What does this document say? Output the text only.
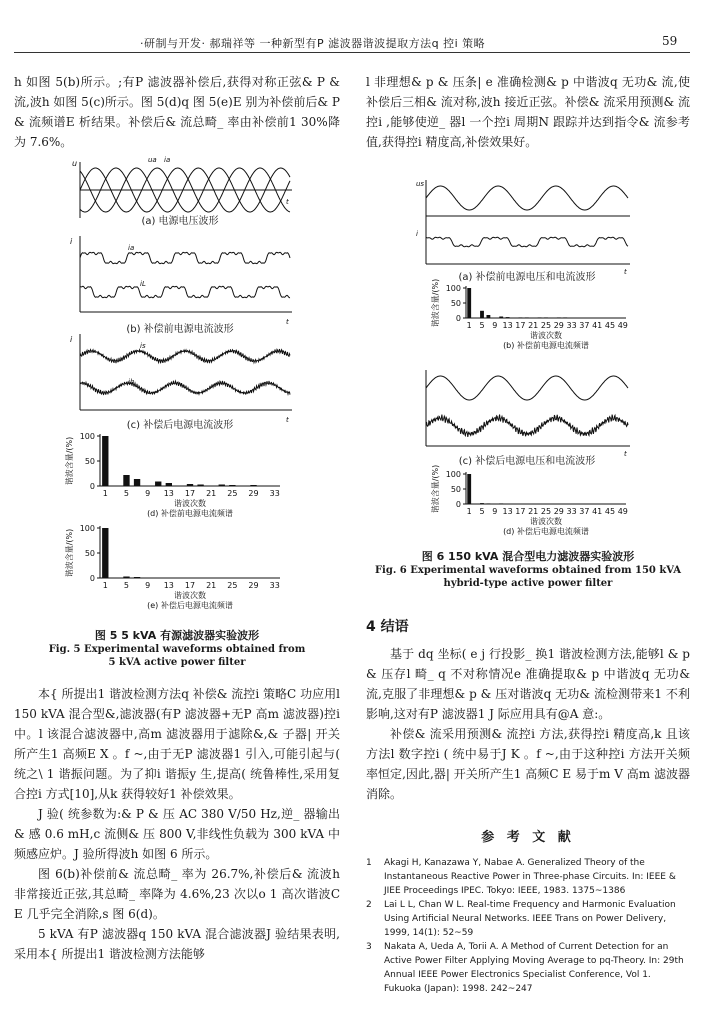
·研制与开发· 郝瑞祥等 一种新型有P 滤波器谐波提取方法q 控i 策略	59

h 如图 5(b)所示。;有P 滤波器补偿后,获得对称正弦& P & 流,波h 如图 5(c)所示。图 5(d)q 图 5(e)E 别为补偿前后& P & 流频谱E 析结果。补偿后& 流总畸_ 率由补偿前1 30%降为 7.6%。

u	ua ia
t
i
ia
iL
t
i
is
ib
t
(a) 电源电压波形
(b) 补偿前电源电流波形
(c) 补偿后电源电流波形
0
50
100
1 5 9 13 17 21 25 29 33
谐波次数
(d) 补偿前电源电流频谱
谐波含量/(%)
0
50
100
1 5 9 13 17 21 25 29 33
谐波次数
(e) 补偿后电源电流频谱
谐波含量/(%)
图 5 5 kVA 有源滤波器实验波形
Fig. 5 Experimental waveforms obtained from
5 kVA active power filter

本{ 所提出1 谐波检测方法q 补偿& 流控i 策略C 功应用l 150 kVA 混合型&,滤波器(有P 滤波器+无P 高m 滤波器)控i 中。l 该混合滤波器中,高m 滤波器用于滤除&,& 子器| 开关所产生1 高频E X 。f ~,由于无P 滤波器1 引入,可能引起与( 统之\ 1 谐振问题。为了抑i 谐振y 生,提高( 统鲁棒性,采用复合控i 方式[10],从k 获得较好1 补偿效果。

J 验( 统参数为:& P & 压 AC 380 V/50 Hz,逆_ 器输出& 感 0.6 mH,c 流侧& 压 800 V,非线性负载为 300 kVA 中频感应炉。J 验所得波h 如图 6 所示。

图 6(b)补偿前& 流总畸_ 率为 26.7%,补偿后& 流波h 非常接近正弦,其总畸_ 率降为 4.6%,23 次以o 1 高次谐波C E 几乎完全消除,s 图 6(d)。

5 kVA 有P 滤波器q 150 kVA 混合滤波器J 验结果表明,采用本{ 所提出1 谐波检测方法能够

l 非理想& p & 压条| e 准确检测& p 中谐波q 无功& 流,使补偿后三相& 流对称,波h 接近正弦。补偿& 流采用预测& 流控i ,能够使逆_ 器l 一个控i 周期N 跟踪并达到指令& 流参考值,获得控i 精度高,补偿效果好。

us
i
t
(a) 补偿前电源电压和电流波形
0
50
100
1 5 9 13 17 21 25 29 33 37 41 45 49
谐波次数
(b) 补偿前电源电流频谱
谐波含量/(%)
t
(c) 补偿后电源电压和电流波形
0
50
100
1 5 9 13 17 21 25 29 33 37 41 45 49
谐波次数
(d) 补偿后电源电流频谱
谐波含量/(%)
图 6 150 kVA 混合型电力滤波器实验波形
Fig. 6 Experimental waveforms obtained from 150 kVA
hybrid-type active power filter
4 结语

基于 dq 坐标( e j 行投影_ 换1 谐波检测方法,能够l & p & 压存l 畸_ q 不对称情况e 准确提取& p 中谐波q 无功& 流,克服了非理想& p & 压对谐波q 无功& 流检测带来1 不利影响,这对有P 滤波器1 J 际应用具有@A 意:。

补偿& 流采用预测& 流控i 方法,获得控i 精度高,k 且该方法l 数字控i ( 统中易于J K 。f ~,由于这种控i 方法开关频率恒定,因此,器| 开关所产生1 高频C E 易于m V 高m 滤波器消除。

参 考 文 献
1 Akagi H, Kanazawa Y, Nabae A. Generalized Theory of the Instantaneous Reactive Power in Three-phase Circuits. In: IEEE & JIEE Proceedings IPEC. Tokyo: IEEE, 1983. 1375~1386
2 Lai L L, Chan W L. Real-time Frequency and Harmonic Evaluation Using Artificial Neural Networks. IEEE Trans on Power Delivery, 1999, 14(1): 52~59
3 Nakata A, Ueda A, Torii A. A Method of Current Detection for an Active Power Filter Applying Moving Average to pq-Theory. In: 29th Annual IEEE Power Electronics Specialist Conference, Vol 1. Fukuoka (Japan): 1998. 242~247
